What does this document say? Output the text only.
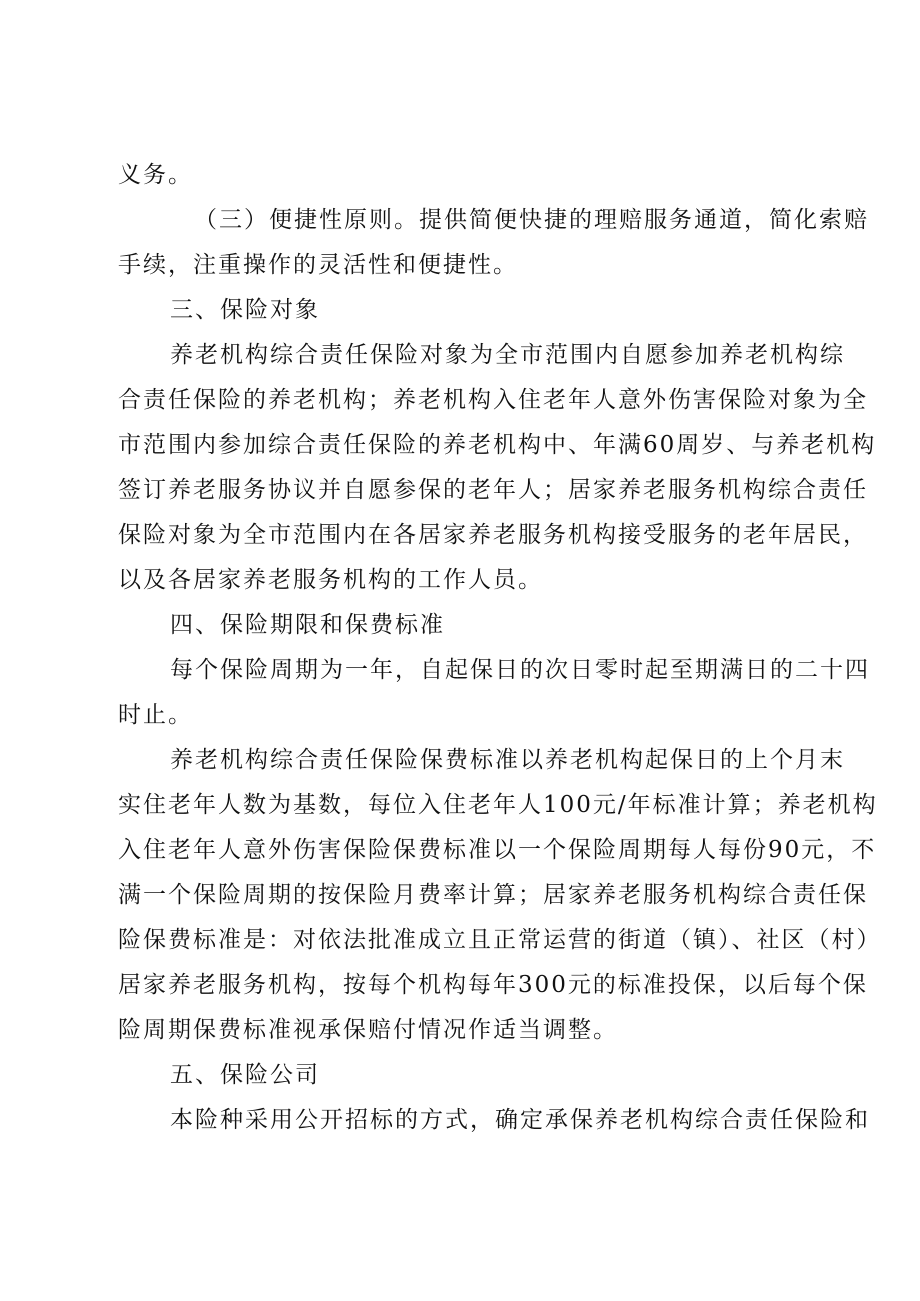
义务。
（三）便捷性原则。提供简便快捷的理赔服务通道，简化索赔
手续，注重操作的灵活性和便捷性。
三、保险对象
养老机构综合责任保险对象为全市范围内自愿参加养老机构综
合责任保险的养老机构；养老机构入住老年人意外伤害保险对象为全
市范围内参加综合责任保险的养老机构中、年满60周岁、与养老机构
签订养老服务协议并自愿参保的老年人；居家养老服务机构综合责任
保险对象为全市范围内在各居家养老服务机构接受服务的老年居民，
以及各居家养老服务机构的工作人员。
四、保险期限和保费标准
每个保险周期为一年，自起保日的次日零时起至期满日的二十四
时止。
养老机构综合责任保险保费标准以养老机构起保日的上个月末
实住老年人数为基数，每位入住老年人100元/年标准计算；养老机构
入住老年人意外伤害保险保费标准以一个保险周期每人每份90元，不
满一个保险周期的按保险月费率计算；居家养老服务机构综合责任保
险保费标准是：对依法批准成立且正常运营的街道（镇）、社区（村）
居家养老服务机构，按每个机构每年300元的标准投保，以后每个保
险周期保费标准视承保赔付情况作适当调整。
五、保险公司
本险种采用公开招标的方式，确定承保养老机构综合责任保险和
